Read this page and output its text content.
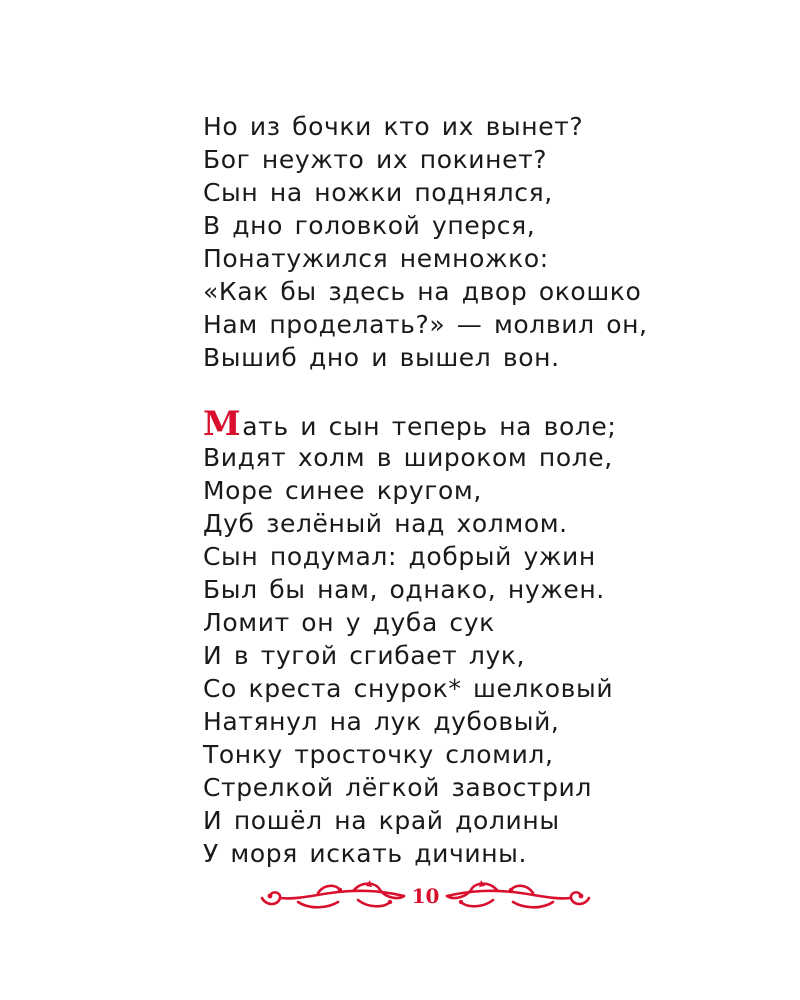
Но из бочки кто их вынет?
Бог неужто их покинет?
Сын на ножки поднялся,
В дно головкой уперся,
Понатужился немножко:
«Как бы здесь на двор окошко
Нам проделать?» — молвил он,
Вышиб дно и вышел вон.
Мать и сын теперь на воле;
Видят холм в широком поле,
Море синее кругом,
Дуб зелёный над холмом.
Сын подумал: добрый ужин
Был бы нам, однако, нужен.
Ломит он у дуба сук
И в тугой сгибает лук,
Со креста снурок* шелковый
Натянул на лук дубовый,
Тонку тросточку сломил,
Стрелкой лёгкой завострил
И пошёл на край долины
У моря искать дичины.
10
